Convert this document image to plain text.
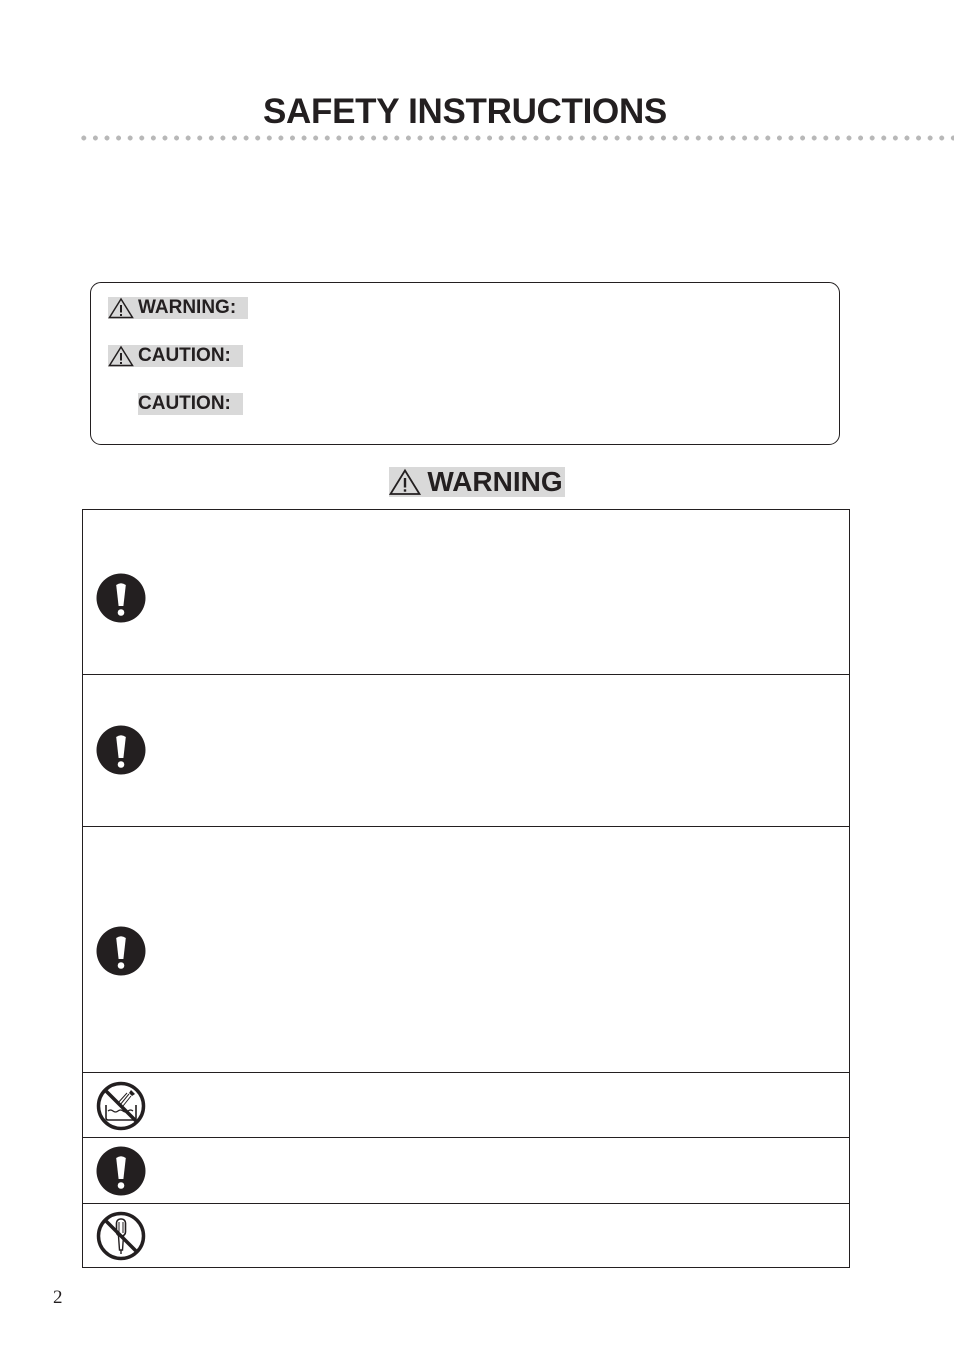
SAFETY INSTRUCTIONS
WARNING:
CAUTION:
CAUTION:
WARNING
2
